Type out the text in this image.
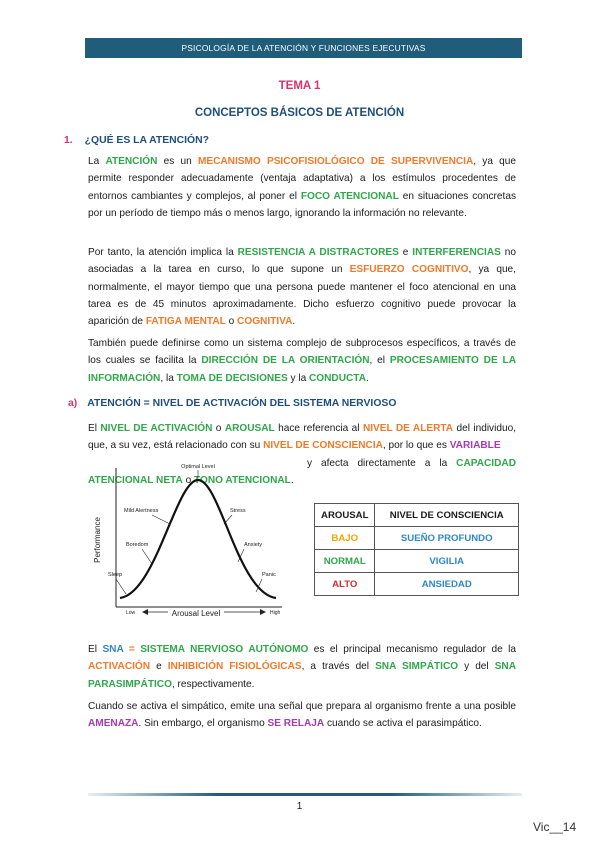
PSICOLOGÍA DE LA ATENCIÓN Y FUNCIONES EJECUTIVAS
TEMA 1
CONCEPTOS BÁSICOS DE ATENCIÓN
1. ¿QUÉ ES LA ATENCIÓN?

La ATENCIÓN es un MECANISMO PSICOFISIOLÓGICO DE SUPERVIVENCIA, ya que permite responder adecuadamente (ventaja adaptativa) a los estímulos procedentes de entornos cambiantes y complejos, al poner el FOCO ATENCIONAL en situaciones concretas por un período de tiempo más o menos largo, ignorando la información no relevante.

Por tanto, la atención implica la RESISTENCIA A DISTRACTORES e INTERFERENCIAS no asociadas a la tarea en curso, lo que supone un ESFUERZO COGNITIVO, ya que, normalmente, el mayor tiempo que una persona puede mantener el foco atencional en una tarea es de 45 minutos aproximadamente. Dicho esfuerzo cognitivo puede provocar la aparición de FATIGA MENTAL o COGNITIVA.

También puede definirse como un sistema complejo de subprocesos específicos, a través de los cuales se facilita la DIRECCIÓN DE LA ORIENTACIÓN, el PROCESAMIENTO DE LA INFORMACIÓN, la TOMA DE DECISIONES y la CONDUCTA.

a) ATENCIÓN = NIVEL DE ACTIVACIÓN DEL SISTEMA NERVIOSO

El NIVEL DE ACTIVACIÓN o AROUSAL hace referencia al NIVEL DE ALERTA del individuo, que, a su vez, está relacionado con su NIVEL DE CONSCIENCIA, por lo que es VARIABLE
y afecta directamente a la CAPACIDAD ATENCIONAL NETA o TONO ATENCIONAL.

Performance
Arousal Level
Low	High
Optimal Level
Mild Alertness
Boredom
Sleep
Stress
Anxiety
Panic
AROUSAL	NIVEL DE CONSCIENCIA
BAJO	SUEÑO PROFUNDO
NORMAL	VIGILIA
ALTO	ANSIEDAD

El SNA = SISTEMA NERVIOSO AUTÓNOMO es el principal mecanismo regulador de la ACTIVACIÓN e INHIBICIÓN FISIOLÓGICAS, a través del SNA SIMPÁTICO y del SNA PARASIMPÁTICO, respectivamente.

Cuando se activa el simpático, emite una señal que prepara al organismo frente a una posible AMENAZA. Sin embargo, el organismo SE RELAJA cuando se activa el parasimpático.

1
Vic__14
